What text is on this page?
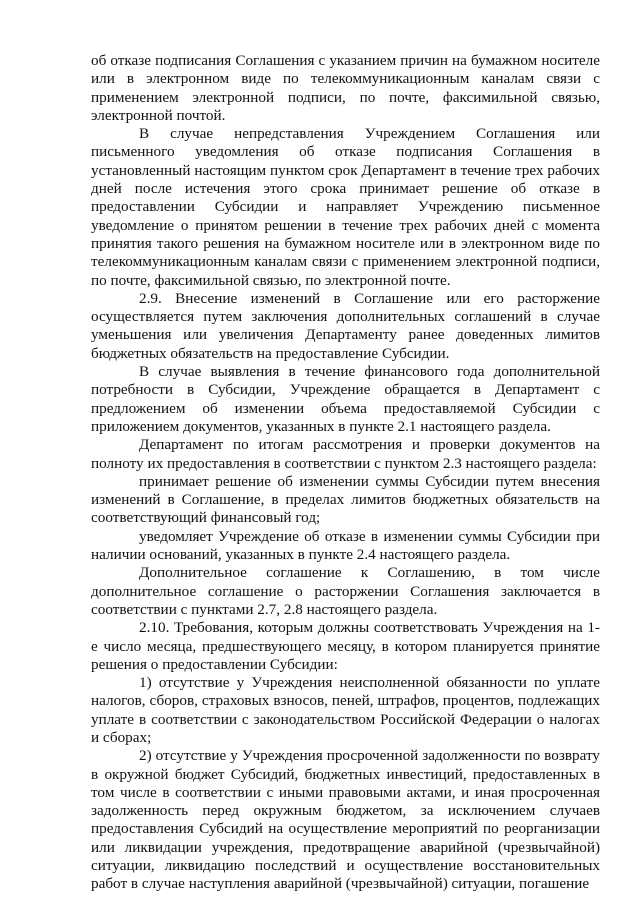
об отказе подписания Соглашения с указанием причин на бумажном носителе или в электронном виде по телекоммуникационным каналам связи с применением электронной подписи, по почте, факсимильной связью, электронной почтой.

В случае непредставления Учреждением Соглашения или письменного уведомления об отказе подписания Соглашения в установленный настоящим пунктом срок Департамент в течение трех рабочих дней после истечения этого срока принимает решение об отказе в предоставлении Субсидии и направляет Учреждению письменное уведомление о принятом решении в течение трех рабочих дней с момента принятия такого решения на бумажном носителе или в электронном виде по телекоммуникационным каналам связи с применением электронной подписи, по почте, факсимильной связью, по электронной почте.

2.9. Внесение изменений в Соглашение или его расторжение осуществляется путем заключения дополнительных соглашений в случае уменьшения или увеличения Департаменту ранее доведенных лимитов бюджетных обязательств на предоставление Субсидии.

В случае выявления в течение финансового года дополнительной потребности в Субсидии, Учреждение обращается в Департамент с предложением об изменении объема предоставляемой Субсидии с приложением документов, указанных в пункте 2.1 настоящего раздела.

Департамент по итогам рассмотрения и проверки документов на полноту их предоставления в соответствии с пунктом 2.3 настоящего раздела:

принимает решение об изменении суммы Субсидии путем внесения изменений в Соглашение, в пределах лимитов бюджетных обязательств на соответствующий финансовый год;

уведомляет Учреждение об отказе в изменении суммы Субсидии при наличии оснований, указанных в пункте 2.4 настоящего раздела.

Дополнительное соглашение к Соглашению, в том числе дополнительное соглашение о расторжении Соглашения заключается в соответствии с пунктами 2.7, 2.8 настоящего раздела.

2.10. Требования, которым должны соответствовать Учреждения на 1-е число месяца, предшествующего месяцу, в котором планируется принятие решения о предоставлении Субсидии:

1) отсутствие у Учреждения неисполненной обязанности по уплате налогов, сборов, страховых взносов, пеней, штрафов, процентов, подлежащих уплате в соответствии с законодательством Российской Федерации о налогах и сборах;

2) отсутствие у Учреждения просроченной задолженности по возврату в окружной бюджет Субсидий, бюджетных инвестиций, предоставленных в том числе в соответствии с иными правовыми актами, и иная просроченная задолженность перед окружным бюджетом, за исключением случаев предоставления Субсидий на осуществление мероприятий по реорганизации или ликвидации учреждения, предотвращение аварийной (чрезвычайной) ситуации, ликвидацию последствий и осуществление восстановительных работ в случае наступления аварийной (чрезвычайной) ситуации, погашение
